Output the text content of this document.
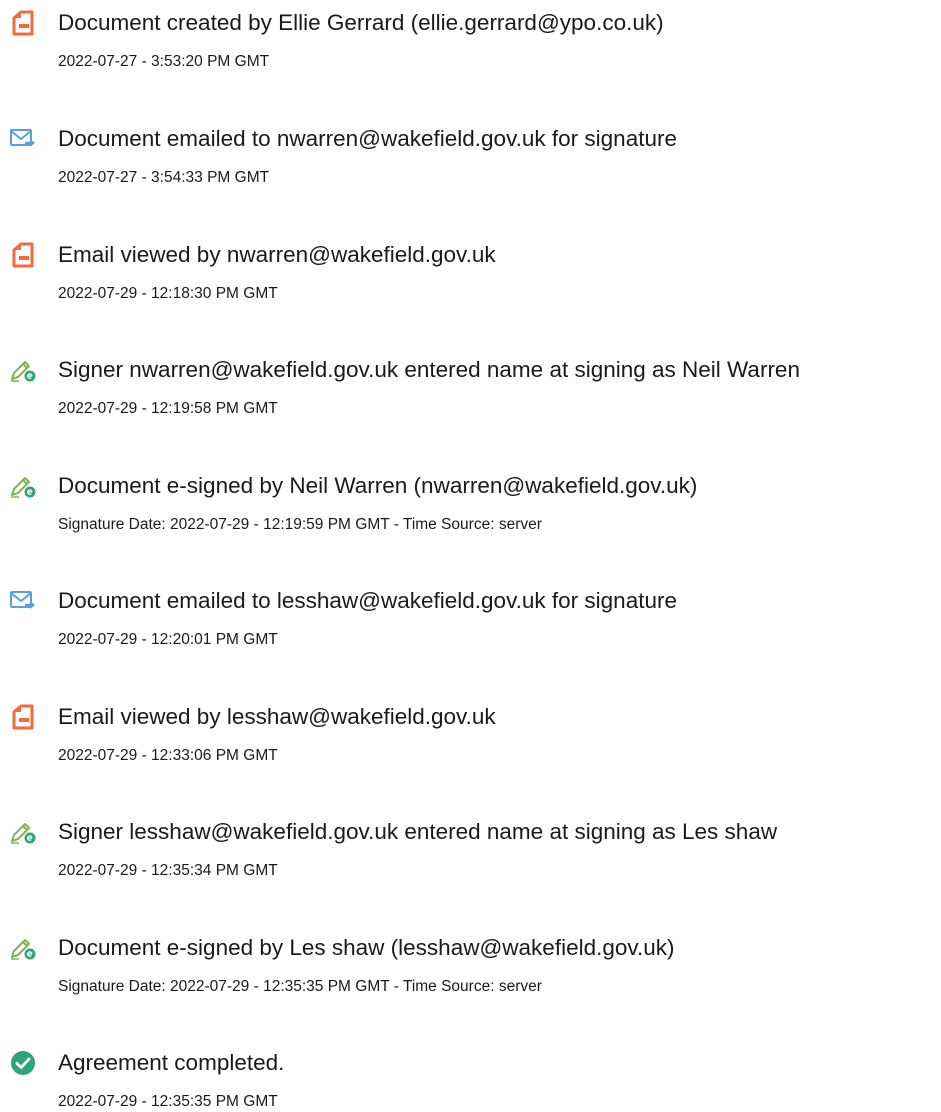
Document created by Ellie Gerrard (ellie.gerrard@ypo.co.uk)
2022-07-27 - 3:53:20 PM GMT
Document emailed to nwarren@wakefield.gov.uk for signature
2022-07-27 - 3:54:33 PM GMT
Email viewed by nwarren@wakefield.gov.uk
2022-07-29 - 12:18:30 PM GMT
Signer nwarren@wakefield.gov.uk entered name at signing as Neil Warren
2022-07-29 - 12:19:58 PM GMT
Document e-signed by Neil Warren (nwarren@wakefield.gov.uk)
Signature Date: 2022-07-29 - 12:19:59 PM GMT - Time Source: server
Document emailed to lesshaw@wakefield.gov.uk for signature
2022-07-29 - 12:20:01 PM GMT
Email viewed by lesshaw@wakefield.gov.uk
2022-07-29 - 12:33:06 PM GMT
Signer lesshaw@wakefield.gov.uk entered name at signing as Les shaw
2022-07-29 - 12:35:34 PM GMT
Document e-signed by Les shaw (lesshaw@wakefield.gov.uk)
Signature Date: 2022-07-29 - 12:35:35 PM GMT - Time Source: server
Agreement completed.
2022-07-29 - 12:35:35 PM GMT
